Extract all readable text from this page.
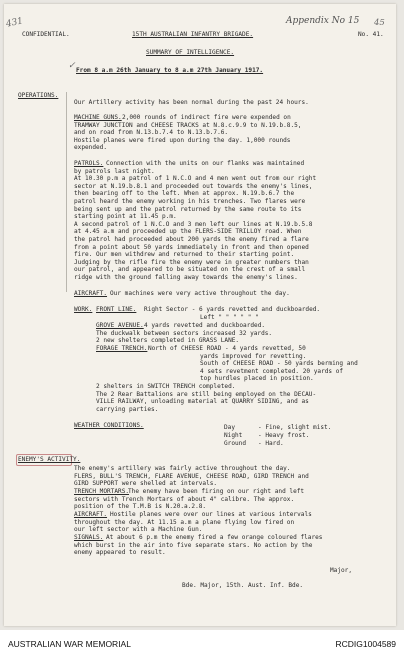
431	Appendix No 15 45
✓
CONFIDENTIAL.	15TH AUSTRALIAN INFANTRY BRIGADE.	No. 41.
SUMMARY OF INTELLIGENCE.
From 8 a.m 26th January to 8 a.m 27th January 1917.
OPERATIONS.
Our Artillery activity has been normal during the past 24 hours.
MACHINE GUNS. 2,000 rounds of indirect fire were expended on
TRAMWAY JUNCTION and CHEESE TRACKS at N.8.c.9.9 to N.19.b.8.5,
and on road from N.13.b.7.4 to N.13.b.7.6.
Hostile planes were fired upon during the day. 1,000 rounds
expended.
PATROLS. Connection with the units on our flanks was maintained
by patrols last night.
At 10.30 p.m a patrol of 1 N.C.O and 4 men went out from our right
sector at N.19.b.8.1 and proceeded out towards the enemy's lines,
then bearing off to the left. When at approx. N.19.b.6.7 the
patrol heard the enemy working in his trenches. Two flares were
being sent up and the patrol returned by the same route to its
starting point at 11.45 p.m.
A second patrol of 1 N.C.O and 3 men left our lines at N.19.b.5.8
at 4.45 a.m and proceeded up the FLERS-SIDE TRILLOY road. When
the patrol had proceeded about 200 yards the enemy fired a flare
from a point about 50 yards immediately in front and then opened
fire. Our men withdrew and returned to their starting point.
Judging by the rifle fire the enemy were in greater numbers than
our patrol, and appeared to be situated on the crest of a small
ridge with the ground falling away towards the enemy's lines.
AIRCRAFT. Our machines were very active throughout the day.
WORK. FRONT LINE. Right Sector - 6 yards revetted and duckboarded.
Left " " " " " "
GROVE AVENUE. 4 yards revetted and duckboarded.
The duckwalk between sectors increased 32 yards.
2 new shelters completed in GRASS LANE.
FORAGE TRENCH. North of CHEESE ROAD - 4 yards revetted, 50
yards improved for revetting.
South of CHEESE ROAD - 50 yards berming and
4 sets revetment completed. 20 yards of
top hurdles placed in position.
2 shelters in SWITCH TRENCH completed.
The 2 Rear Battalions are still being employed on the DECAU-
VILLE RAILWAY, unloading material at QUARRY SIDING, and as
carrying parties.
WEATHER CONDITIONS.	Day	- Fine, slight mist.
Night	- Heavy frost.
Ground - Hard.
ENEMY'S ACTIVITY.
The enemy's artillery was fairly active throughout the day.
FLERS, BULL'S TRENCH, FLARE AVENUE, CHEESE ROAD, GIRD TRENCH and
GIRD SUPPORT were shelled at intervals.
TRENCH MORTARS.
The enemy have been firing on our right and left
sectors with Trench Mortars of about 4" calibre. The approx.
position of the T.M.B is N.20.a.2.8.
AIRCRAFT. Hostile planes were over our lines at various intervals
throughout the day. At 11.15 a.m a plane flying low fired on
our left sector with a Machine Gun.
SIGNALS. At about 6 p.m the enemy fired a few orange coloured flares
which burst in the air into five separate stars. No action by the
enemy appeared to result.
Major,
Bde. Major, 15th. Aust. Inf. Bde.
AUSTRALIAN WAR MEMORIAL	RCDIG1004589
